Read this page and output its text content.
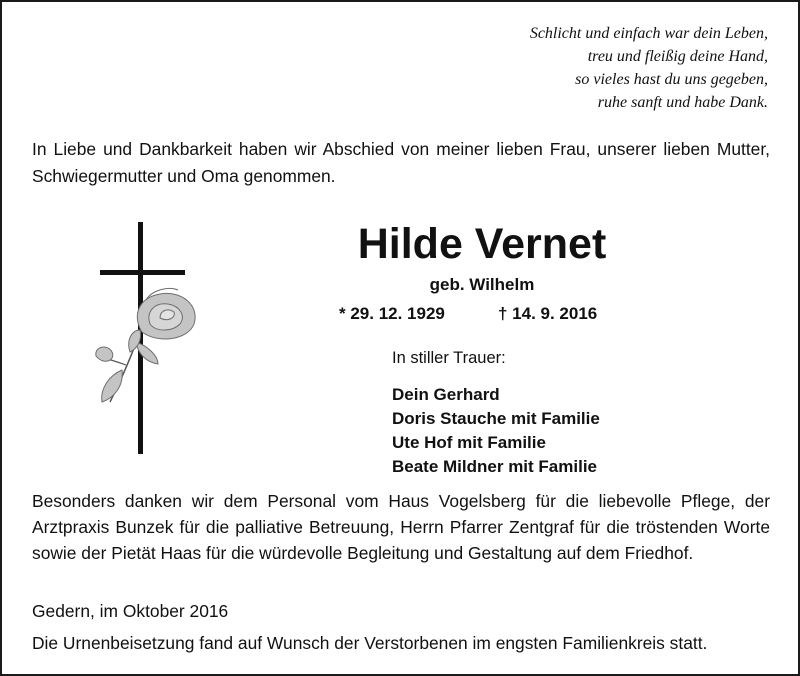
Schlicht und einfach war dein Leben,
treu und fleißig deine Hand,
so vieles hast du uns gegeben,
ruhe sanft und habe Dank.
In Liebe und Dankbarkeit haben wir Abschied von meiner lieben Frau, unserer lieben Mutter, Schwiegermutter und Oma genommen.
Hilde Vernet
geb. Wilhelm
* 29. 12. 1929	† 14. 9. 2016
In stiller Trauer:
Dein Gerhard
Doris Stauche mit Familie
Ute Hof mit Familie
Beate Mildner mit Familie
Besonders danken wir dem Personal vom Haus Vogelsberg für die liebevolle Pflege, der Arztpraxis Bunzek für die palliative Betreuung, Herrn Pfarrer Zentgraf für die tröstenden Worte sowie der Pietät Haas für die würdevolle Begleitung und Gestaltung auf dem Friedhof.
Gedern, im Oktober 2016
Die Urnenbeisetzung fand auf Wunsch der Verstorbenen im engsten Familienkreis statt.
